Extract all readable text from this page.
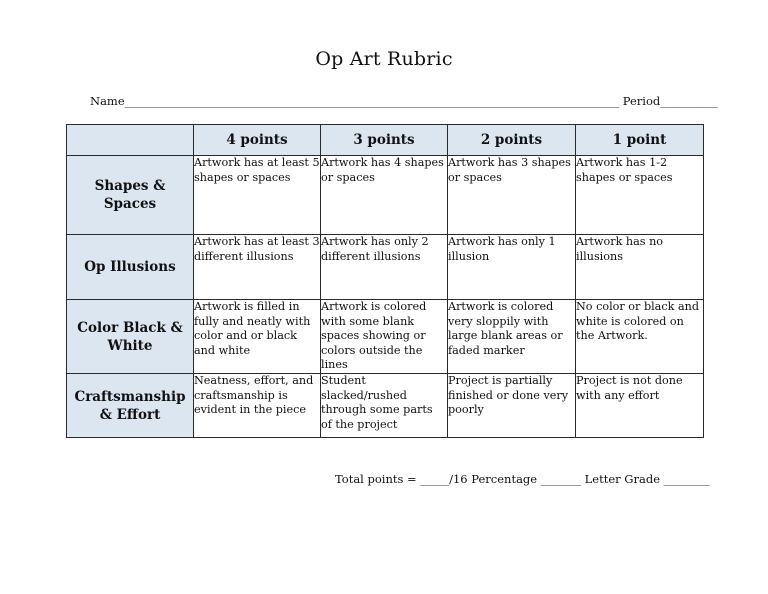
Op Art Rubric
Name______________________________________________________________________________________ Period__________
	4 points	3 points	2 points	1 point

Shapes & Spaces	Artwork has at least 5 shapes or spaces	Artwork has 4 shapes or spaces	Artwork has 3 shapes or spaces	Artwork has 1-2 shapes or spaces

Op Illusions	Artwork has at least 3 different illusions	Artwork has only 2 different illusions	Artwork has only 1 illusion	Artwork has no illusions

Color Black & White	Artwork is filled in fully and neatly with color and or black and white	Artwork is colored with some blank spaces showing or colors outside the lines	Artwork is colored very sloppily with large blank areas or faded marker	No color or black and white is colored on the Artwork.

Craftsmanship & Effort	Neatness, effort, and craftsmanship is evident in the piece	Student slacked/rushed through some parts of the project	Project is partially finished or done very poorly	Project is not done with any effort
Total points = _____/16 Percentage _______ Letter Grade ________
